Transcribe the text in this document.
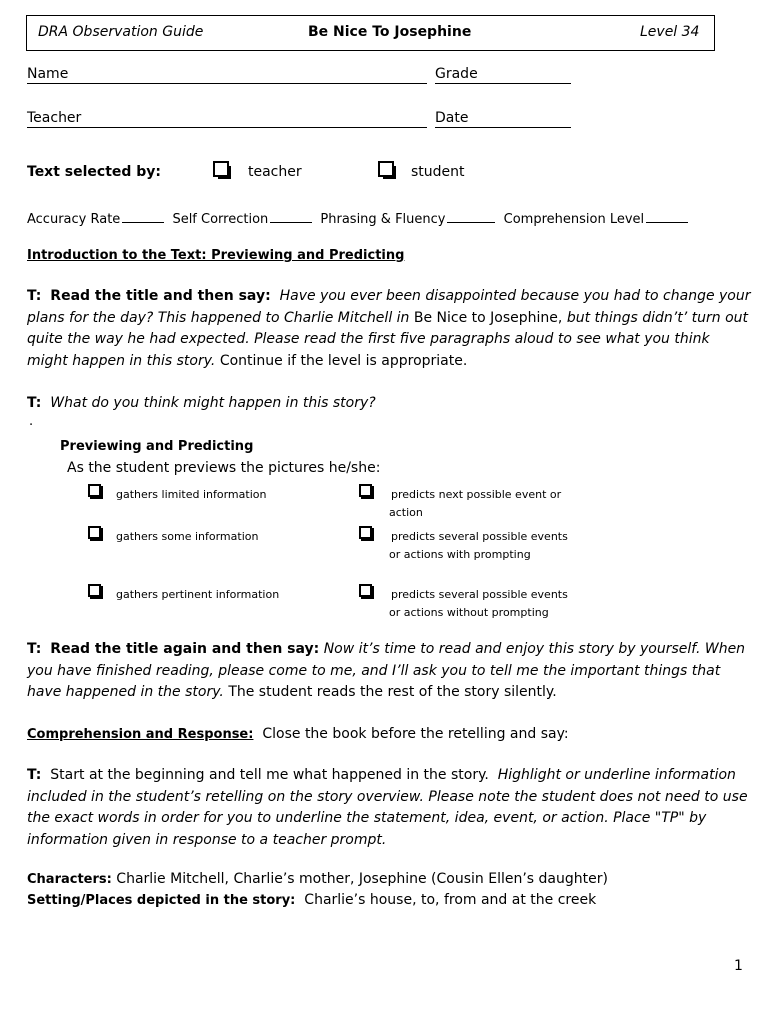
DRA Observation Guide	Be Nice To Josephine	Level 34
Name	Grade
Teacher	Date
Text selected by:	teacher	student
Accuracy Rate	Self Correction	Phrasing & Fluency	Comprehension Level
Introduction to the Text: Previewing and Predicting
T: Read the title and then say: Have you ever been disappointed because you had to change your plans for the day? This happened to Charlie Mitchell in Be Nice to Josephine, but things didn’t’ turn out quite the way he had expected. Please read the first five paragraphs aloud to see what you think might happen in this story. Continue if the level is appropriate.
T: What do you think might happen in this story?
.
Previewing and Predicting
As the student previews the pictures he/she:
gathers limited information	predicts next possible event or
action
gathers some information	predicts several possible events
or actions with prompting
gathers pertinent information	predicts several possible events
or actions without prompting
T: Read the title again and then say: Now it’s time to read and enjoy this story by yourself. When you have finished reading, please come to me, and I’ll ask you to tell me the important things that have happened in the story. The student reads the rest of the story silently.
Comprehension and Response: Close the book before the retelling and say:
T: Start at the beginning and tell me what happened in the story. Highlight or underline information included in the student’s retelling on the story overview. Please note the student does not need to use the exact words in order for you to underline the statement, idea, event, or action. Place "TP" by information given in response to a teacher prompt.
Characters: Charlie Mitchell, Charlie’s mother, Josephine (Cousin Ellen’s daughter)
Setting/Places depicted in the story: Charlie’s house, to, from and at the creek
1
